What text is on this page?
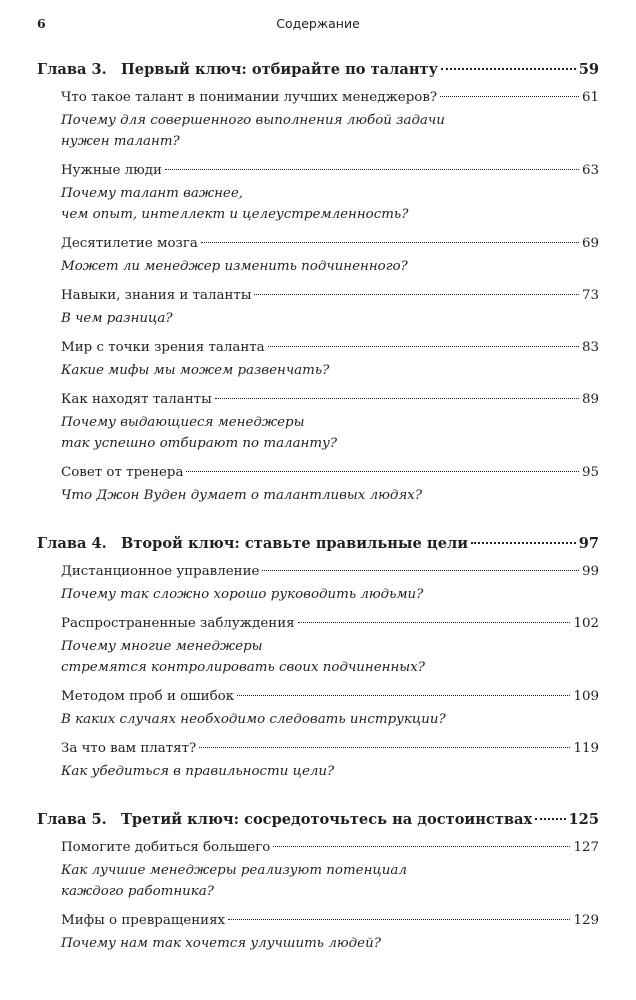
6	Содержание
Глава 3. Первый ключ: отбирайте по таланту	59
Что такое талант в понимании лучших менеджеров?	61
Почему для совершенного выполнения любой задачи
нужен талант?
Нужные люди	63
Почему талант важнее,
чем опыт, интеллект и целеустремленность?
Десятилетие мозга	69
Может ли менеджер изменить подчиненного?
Навыки, знания и таланты	73
В чем разница?
Мир с точки зрения таланта	83
Какие мифы мы можем развенчать?
Как находят таланты	89
Почему выдающиеся менеджеры
так успешно отбирают по таланту?
Совет от тренера	95
Что Джон Вуден думает о талантливых людях?
Глава 4. Второй ключ: ставьте правильные цели	97
Дистанционное управление	99
Почему так сложно хорошо руководить людьми?
Распространенные заблуждения	102
Почему многие менеджеры
стремятся контролировать своих подчиненных?
Методом проб и ошибок	109
В каких случаях необходимо следовать инструкции?
За что вам платят?	119
Как убедиться в правильности цели?
Глава 5. Третий ключ: сосредоточьтесь на достоинствах 125
Помогите добиться большего	127
Как лучшие менеджеры реализуют потенциал
каждого работника?
Мифы о превращениях	129
Почему нам так хочется улучшить людей?
